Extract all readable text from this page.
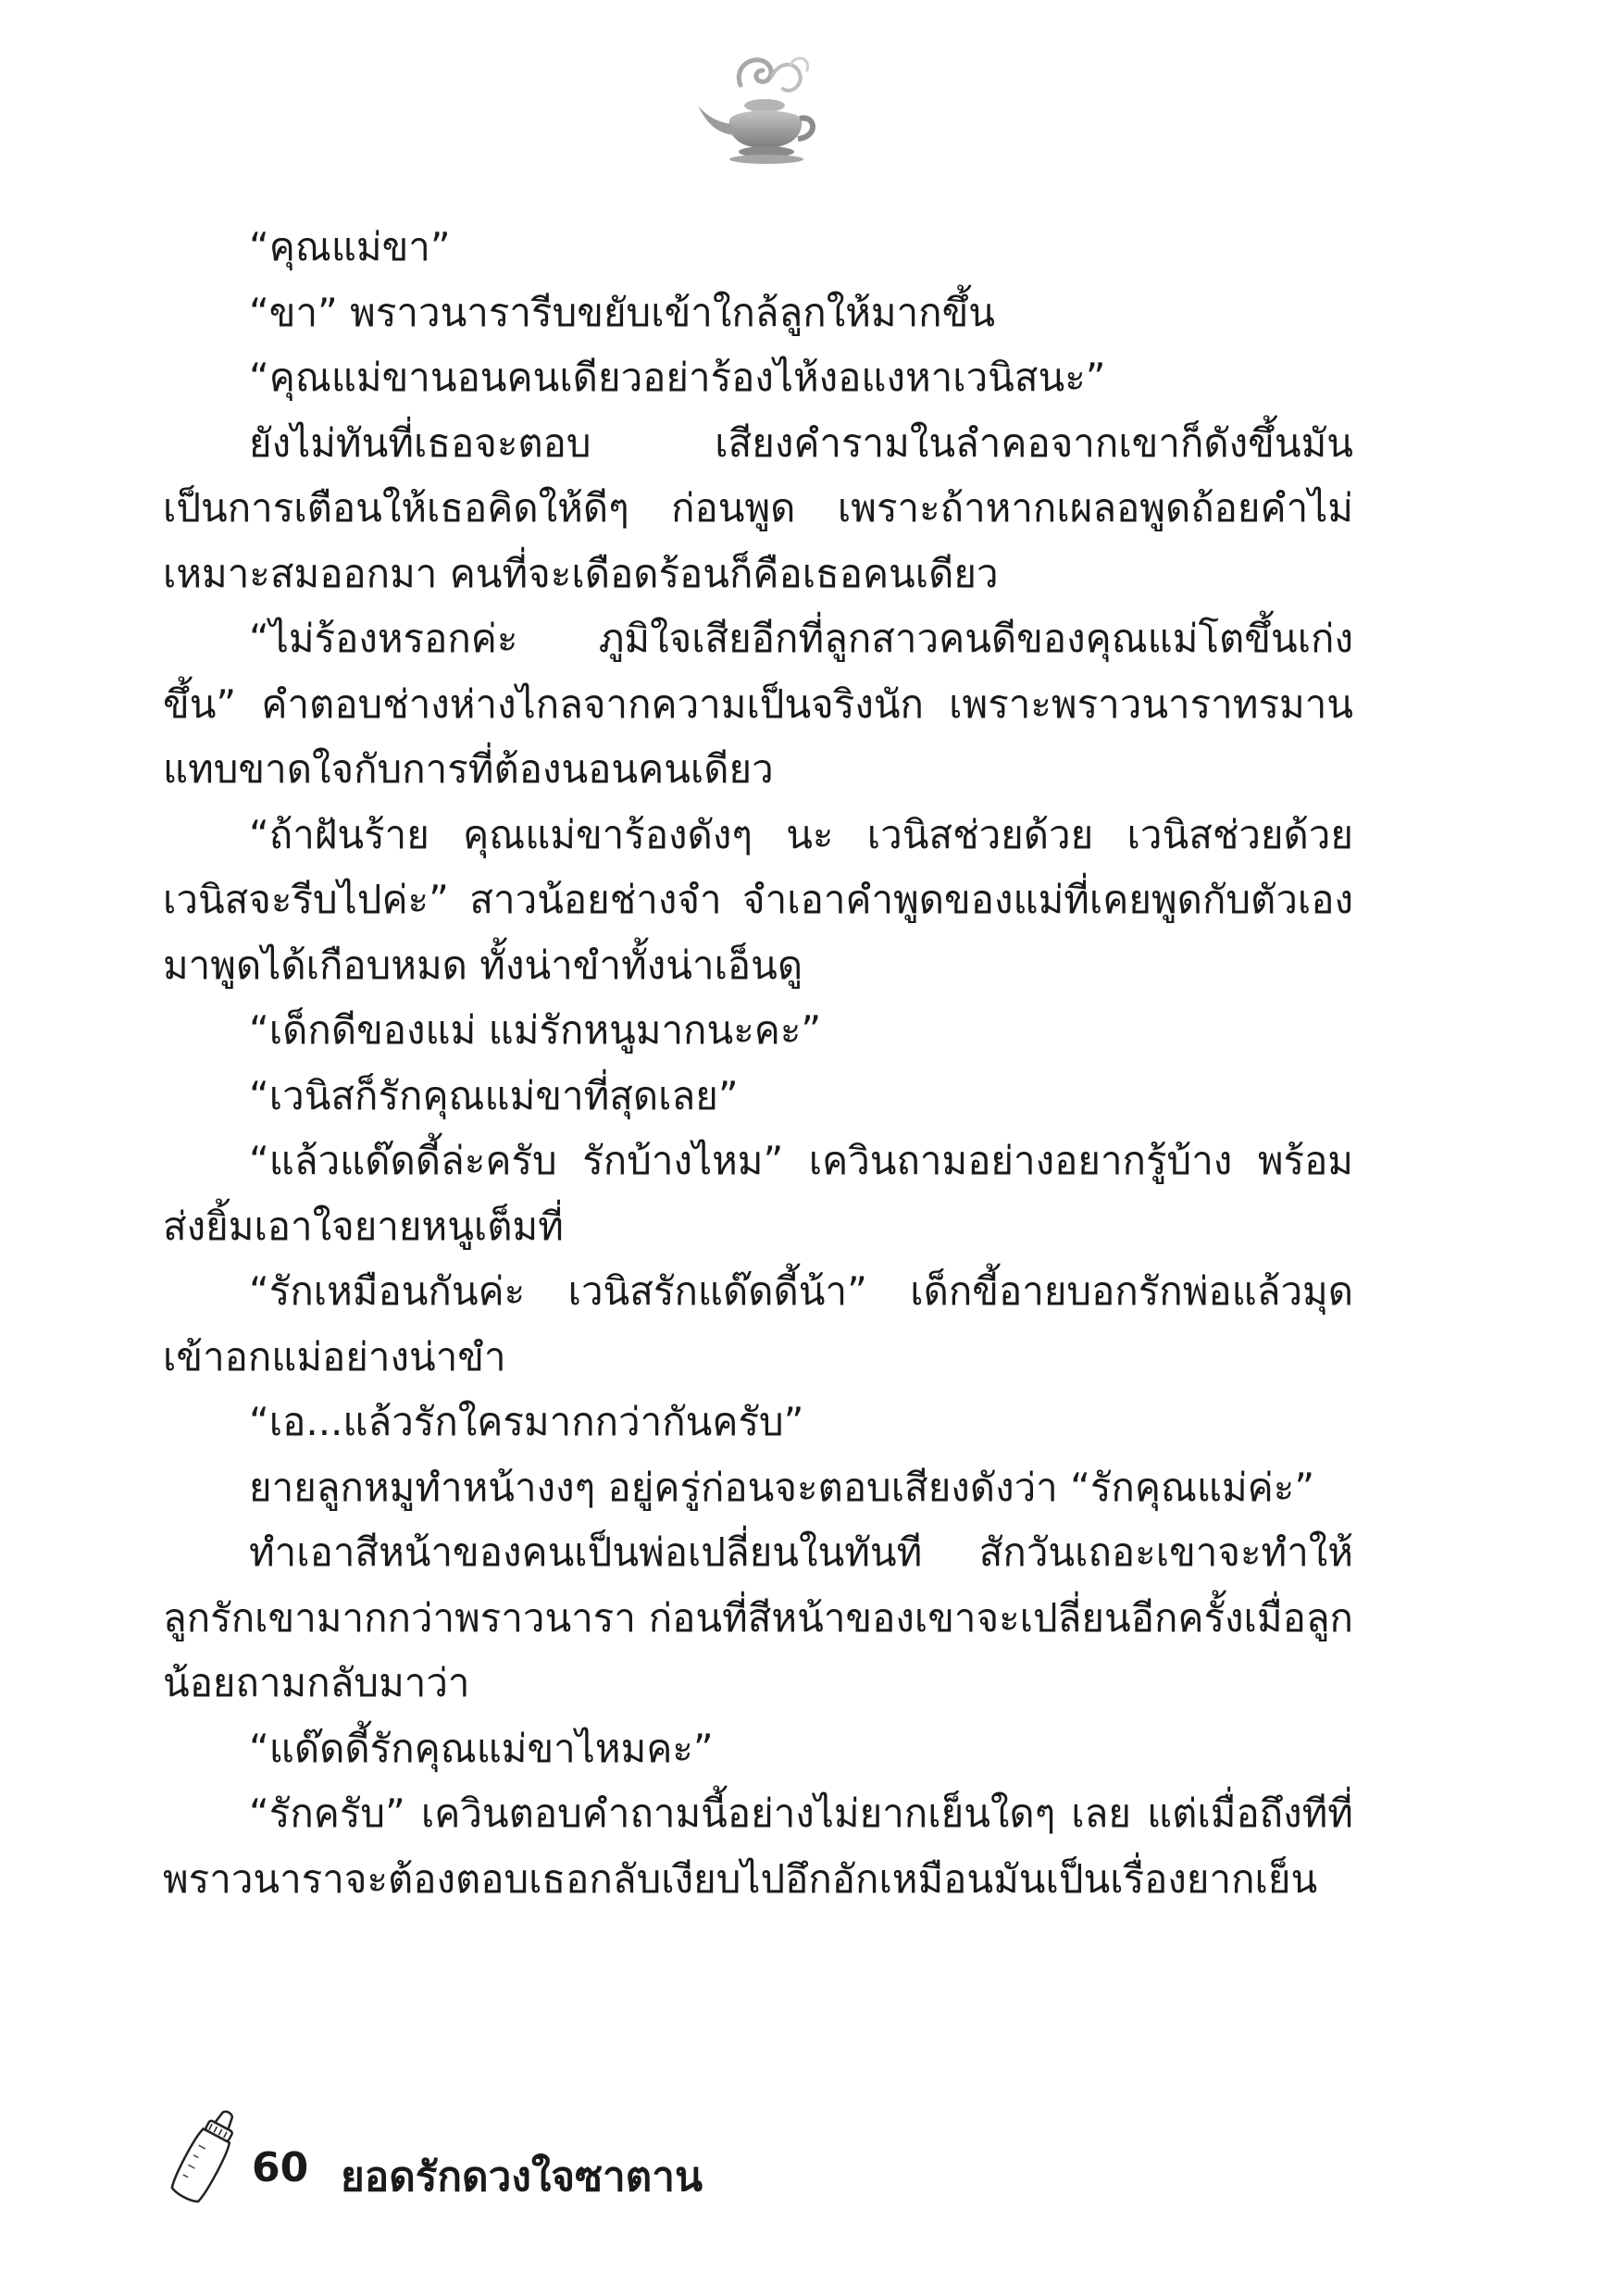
“คุณแม่ขา”

“ขา” พราวนารารีบขยับเข้าใกล้ลูกให้มากขึ้น

“คุณแม่ขานอนคนเดียวอย่าร้องไห้งอแงหาเวนิสนะ”

ยังไม่ทันที่เธอจะตอบ เสียงคำรามในลำคอจากเขาก็ดังขึ้นมันเป็นการเตือนให้เธอคิดให้ดีๆ ก่อนพูด เพราะถ้าหากเผลอพูดถ้อยคำไม่เหมาะสมออกมา คนที่จะเดือดร้อนก็คือเธอคนเดียว

“ไม่ร้องหรอกค่ะ ภูมิใจเสียอีกที่ลูกสาวคนดีของคุณแม่โตขึ้นเก่งขึ้น” คำตอบช่างห่างไกลจากความเป็นจริงนัก เพราะพราวนาราทรมานแทบขาดใจกับการที่ต้องนอนคนเดียว

“ถ้าฝันร้าย คุณแม่ขาร้องดังๆ นะ เวนิสช่วยด้วย เวนิสช่วยด้วยเวนิสจะรีบไปค่ะ” สาวน้อยช่างจำ จำเอาคำพูดของแม่ที่เคยพูดกับตัวเองมาพูดได้เกือบหมด ทั้งน่าขำทั้งน่าเอ็นดู

“เด็กดีของแม่ แม่รักหนูมากนะคะ”

“เวนิสก็รักคุณแม่ขาที่สุดเลย”

“แล้วแด๊ดดี้ล่ะครับ รักบ้างไหม” เควินถามอย่างอยากรู้บ้าง พร้อมส่งยิ้มเอาใจยายหนูเต็มที่

“รักเหมือนกันค่ะ เวนิสรักแด๊ดดี้น้า” เด็กขี้อายบอกรักพ่อแล้วมุดเข้าอกแม่อย่างน่าขำ

“เอ...แล้วรักใครมากกว่ากันครับ”

ยายลูกหมูทำหน้างงๆ อยู่ครู่ก่อนจะตอบเสียงดังว่า “รักคุณแม่ค่ะ”

ทำเอาสีหน้าของคนเป็นพ่อเปลี่ยนในทันที สักวันเถอะเขาจะทำให้ลูกรักเขามากกว่าพราวนารา ก่อนที่สีหน้าของเขาจะเปลี่ยนอีกครั้งเมื่อลูกน้อยถามกลับมาว่า

“แด๊ดดี้รักคุณแม่ขาไหมคะ”

“รักครับ” เควินตอบคำถามนี้อย่างไม่ยากเย็นใดๆ เลย แต่เมื่อถึงทีที่พราวนาราจะต้องตอบเธอกลับเงียบไปอึกอักเหมือนมันเป็นเรื่องยากเย็น

60 ยอดรักดวงใจซาตาน
